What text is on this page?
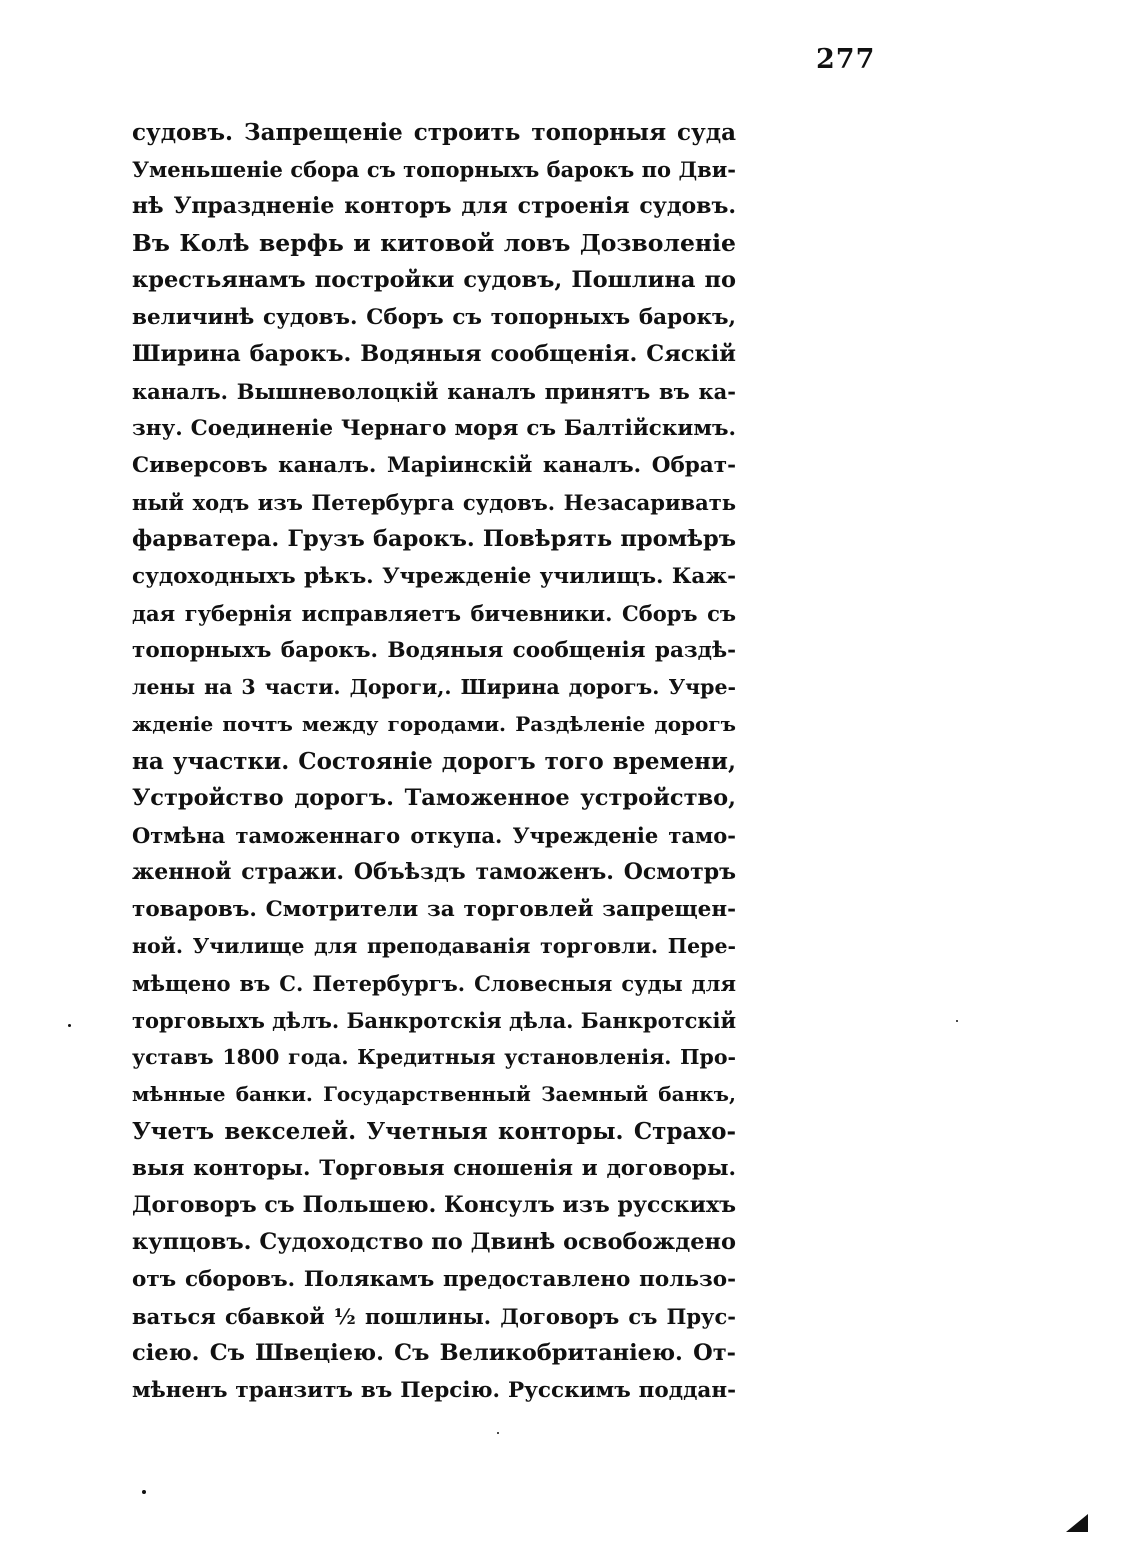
277
судовъ. Запрещеніе строить топорныя суда
Уменьшеніе сбора съ топорныхъ барокъ по Дви-
нѣ Упраздненіе конторъ для строенія судовъ.
Въ Колѣ верфь и китовой ловъ Дозволеніе
крестьянамъ постройки судовъ, Пошлина по
величинѣ судовъ. Сборъ съ топорныхъ барокъ,
Ширина барокъ. Водяныя сообщенія. Сяскій
каналъ. Вышневолоцкій каналъ принятъ въ ка-
зну. Соединеніе Чернаго моря съ Балтійскимъ.
Сиверсовъ каналъ. Маріинскій каналъ. Обрат-
ный ходъ изъ Петербурга судовъ. Незасаривать
фарватера. Грузъ барокъ. Повѣрять промѣръ
судоходныхъ рѣкъ. Учрежденіе училищъ. Каж-
дая губернія исправляетъ бичевники. Сборъ съ
топорныхъ барокъ. Водяныя сообщенія раздѣ-
лены на 3 части. Дороги,. Ширина дорогъ. Учре-
жденіе почтъ между городами. Раздѣленіе дорогъ
на участки. Состояніе дорогъ того времени,
Устройство дорогъ. Таможенное устройство,
Отмѣна таможеннаго откупа. Учрежденіе тамо-
женной стражи. Объѣздъ таможенъ. Осмотръ
товаровъ. Смотрители за торговлей запрещен-
ной. Училище для преподаванія торговли. Пере-
мѣщено въ С. Петербургъ. Словесныя суды для
торговыхъ дѣлъ. Банкротскія дѣла. Банкротскій
уставъ 1800 года. Кредитныя установленія. Про-
мѣнные банки. Государственный Заемный банкъ,
Учетъ векселей. Учетныя конторы. Страхо-
выя конторы. Торговыя сношенія и договоры.
Договоръ съ Польшею. Консулъ изъ русскихъ
купцовъ. Судоходство по Двинѣ освобождено
отъ сборовъ. Полякамъ предоставлено пользо-
ваться сбавкой ½ пошлины. Договоръ съ Прус-
сіею. Съ Швеціею. Съ Великобританіею. От-
мѣненъ транзитъ въ Персію. Русскимъ поддан-
